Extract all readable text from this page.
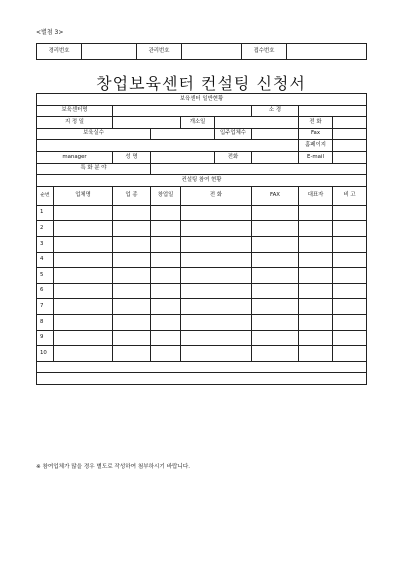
<별첨 3>
경리번호		관리번호		접수번호	
창업보육센터 컨설팅 신청서
보육센터 일반현황								
보육센터명						소 경		
지 정 일				개소일			전 화	
보육실수					입주업체수		Fax	
							홈페이지	
manager		성 명			전화		E-mail	
특 화 분 야								
컨설팅 참여 현황								
순번	업체명	업 종	창업일	전 화		FAX	대표자	비 고
1								
2								
3								
4								
5								
6								
7								
8								
9								
10								

※ 참여업체가 많을 경우 별도로 작성하여 첨부하시기 바랍니다.
